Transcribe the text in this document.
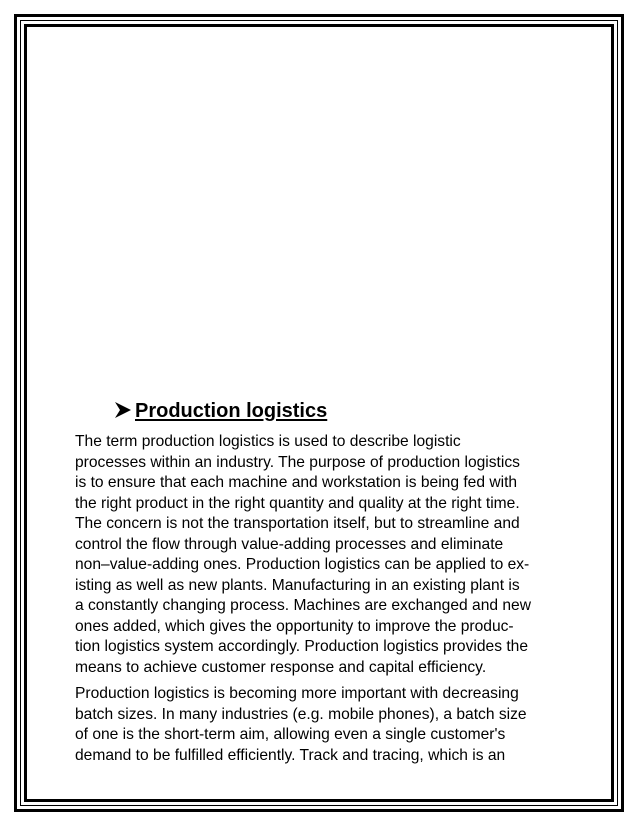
Production logistics

The term production logistics is used to describe logistic
processes within an industry. The purpose of production logistics
is to ensure that each machine and workstation is being fed with
the right product in the right quantity and quality at the right time.
The concern is not the transportation itself, but to streamline and
control the flow through value-adding processes and eliminate
non–value-adding ones. Production logistics can be applied to ex-
isting as well as new plants. Manufacturing in an existing plant is
a constantly changing process. Machines are exchanged and new
ones added, which gives the opportunity to improve the produc-
tion logistics system accordingly. Production logistics provides the
means to achieve customer response and capital efficiency.

Production logistics is becoming more important with decreasing
batch sizes. In many industries (e.g. mobile phones), a batch size
of one is the short-term aim, allowing even a single customer's
demand to be fulfilled efficiently. Track and tracing, which is an
